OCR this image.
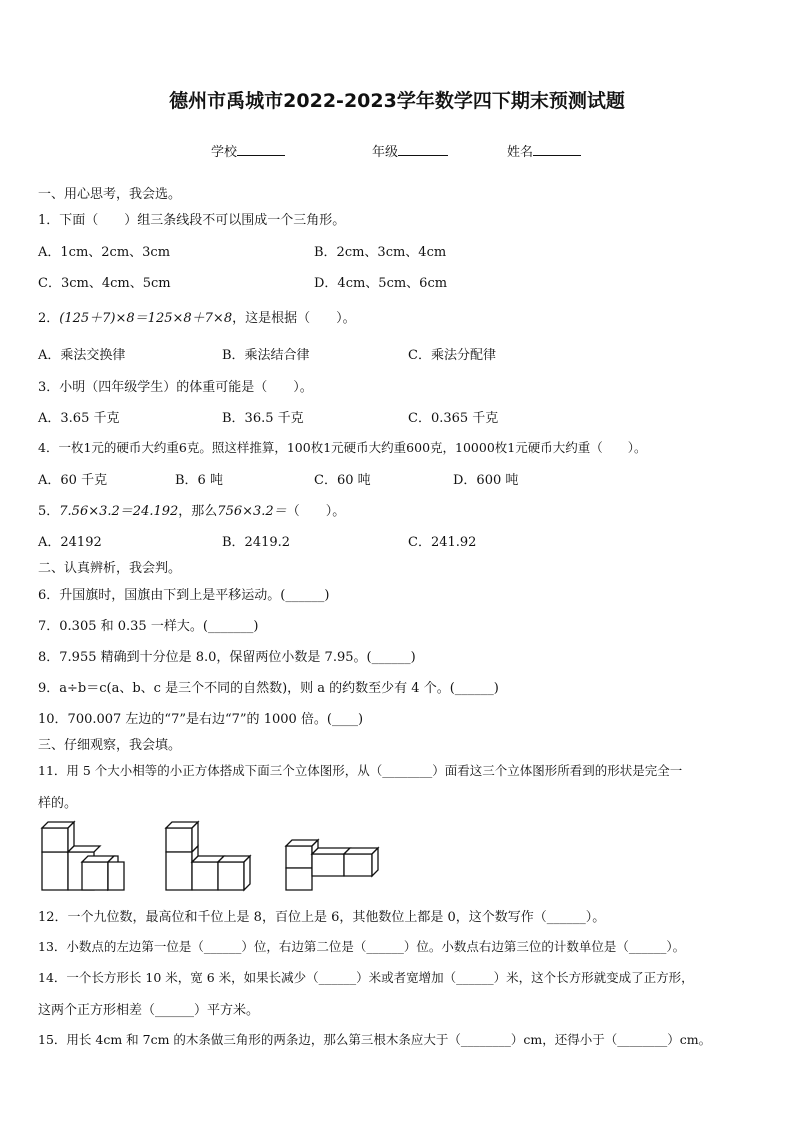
德州市禹城市2022-2023学年数学四下期末预测试题
学校	年级	姓名
一、用心思考，我会选。
1．下面（　　）组三条线段不可以围成一个三角形。
A．1cm、2cm、3cm	B．2cm、3cm、4cm
C．3cm、4cm、5cm	D．4cm、5cm、6cm
2．(125＋7)×8＝125×8＋7×8，这是根据（　　）。
A．乘法交换律	B．乘法结合律	C．乘法分配律
3．小明（四年级学生）的体重可能是（　　）。
A．3.65 千克	B．36.5 千克	C．0.365 千克
4．一枚1元的硬币大约重6克。照这样推算，100枚1元硬币大约重600克，10000枚1元硬币大约重（　　）。
A．60 千克	B．6 吨	C．60 吨	D．600 吨
5．7.56×3.2＝24.192，那么756×3.2＝（　　）。
A．24192	B．2419.2	C．241.92
二、认真辨析，我会判。
6．升国旗时，国旗由下到上是平移运动。(______)
7．0.305 和 0.35 一样大。(_______)
8．7.955 精确到十分位是 8.0，保留两位小数是 7.95。(______)
9．a÷b＝c(a、b、c 是三个不同的自然数)，则 a 的约数至少有 4 个。(______)
10．700.007 左边的“7”是右边“7”的 1000 倍。(____)
三、仔细观察，我会填。
11．用 5 个大小相等的小正方体搭成下面三个立体图形，从（________）面看这三个立体图形所看到的形状是完全一
样的。
12．一个九位数，最高位和千位上是 8，百位上是 6，其他数位上都是 0，这个数写作（______）。
13．小数点的左边第一位是（______）位，右边第二位是（______）位。小数点右边第三位的计数单位是（______）。
14．一个长方形长 10 米，宽 6 米，如果长减少（______）米或者宽增加（______）米，这个长方形就变成了正方形，
这两个正方形相差（______）平方米。
15．用长 4cm 和 7cm 的木条做三角形的两条边，那么第三根木条应大于（________）cm，还得小于（________）cm。
